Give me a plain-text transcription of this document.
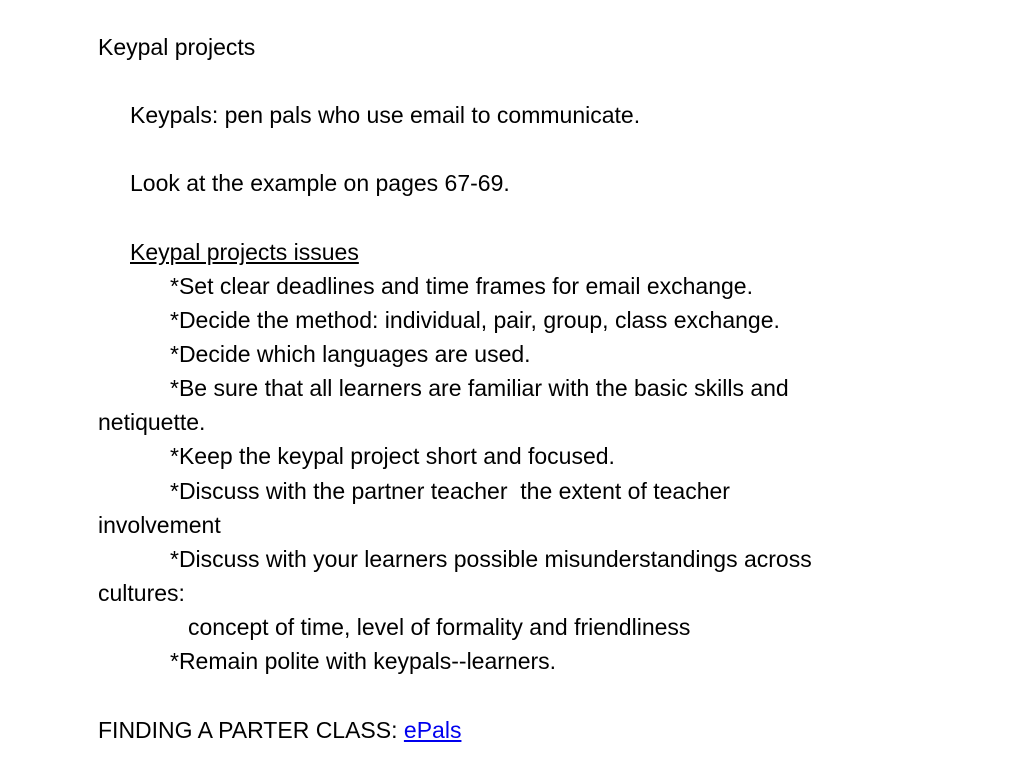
Keypal projects
Keypals: pen pals who use email to communicate.
Look at the example on pages 67-69.
Keypal projects issues
*Set clear deadlines and time frames for email exchange.
*Decide the method: individual, pair, group, class exchange.
*Decide which languages are used.
*Be sure that all learners are familiar with the basic skills and
netiquette.
*Keep the keypal project short and focused.
*Discuss with the partner teacher  the extent of teacher
involvement
*Discuss with your learners possible misunderstandings across
cultures:
concept of time, level of formality and friendliness
*Remain polite with keypals--learners.
FINDING A PARTER CLASS: ePals
